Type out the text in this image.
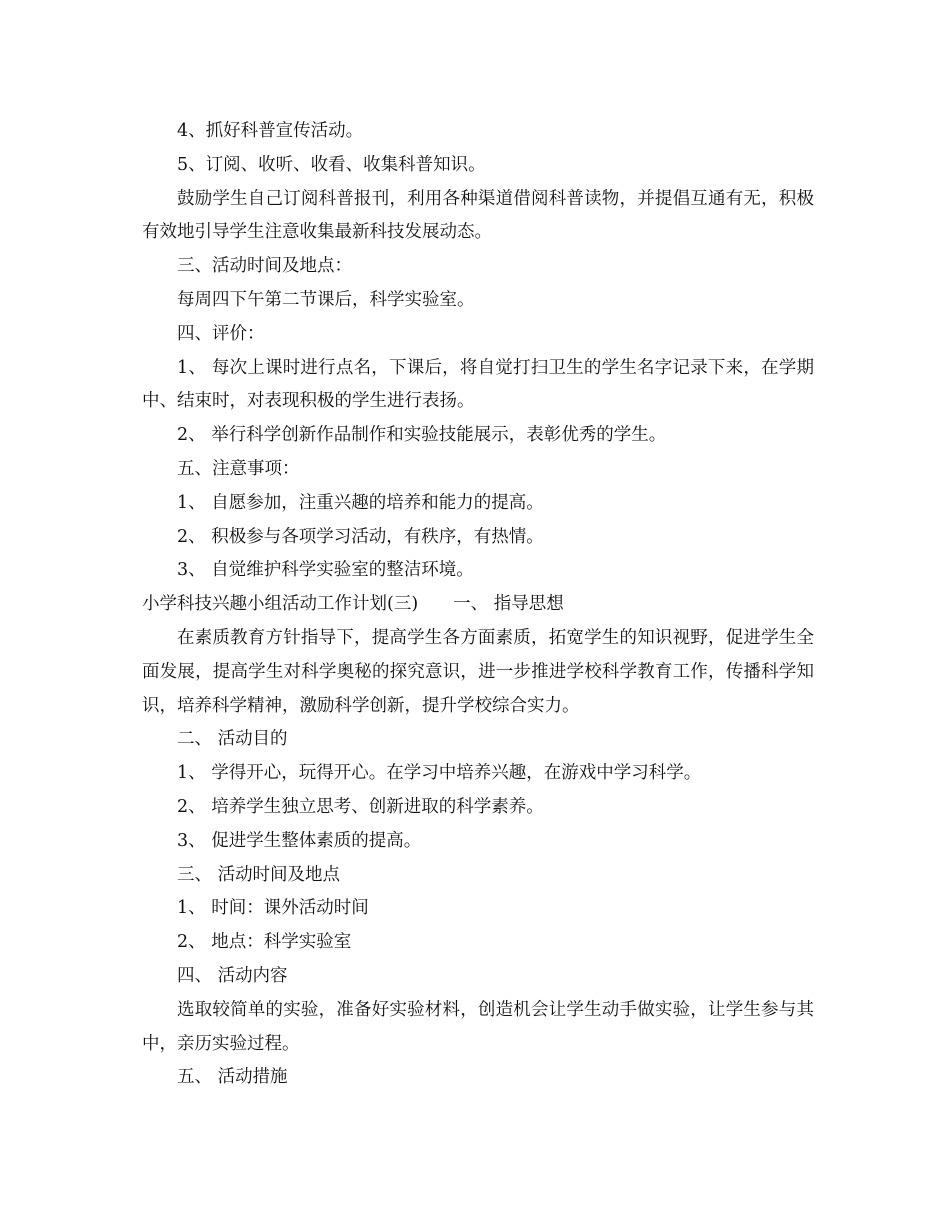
4、抓好科普宣传活动。

5、订阅、收听、收看、收集科普知识。

鼓励学生自己订阅科普报刊，利用各种渠道借阅科普读物，并提倡互通有无，积极有效地引导学生注意收集最新科技发展动态。

三、活动时间及地点：

每周四下午第二节课后，科学实验室。

四、评价：

1、 每次上课时进行点名，下课后，将自觉打扫卫生的学生名字记录下来，在学期中、结束时，对表现积极的学生进行表扬。

2、 举行科学创新作品制作和实验技能展示，表彰优秀的学生。

五、注意事项：

1、 自愿参加，注重兴趣的培养和能力的提高。

2、 积极参与各项学习活动，有秩序，有热情。

3、 自觉维护科学实验室的整洁环境。

小学科技兴趣小组活动工作计划(三)　　一、 指导思想

在素质教育方针指导下，提高学生各方面素质，拓宽学生的知识视野，促进学生全面发展，提高学生对科学奥秘的探究意识，进一步推进学校科学教育工作，传播科学知识，培养科学精神，激励科学创新，提升学校综合实力。

二、 活动目的

1、 学得开心，玩得开心。在学习中培养兴趣，在游戏中学习科学。

2、 培养学生独立思考、创新进取的科学素养。

3、 促进学生整体素质的提高。

三、 活动时间及地点

1、 时间：课外活动时间

2、 地点：科学实验室

四、 活动内容

选取较简单的实验，准备好实验材料，创造机会让学生动手做实验，让学生参与其中，亲历实验过程。

五、 活动措施
